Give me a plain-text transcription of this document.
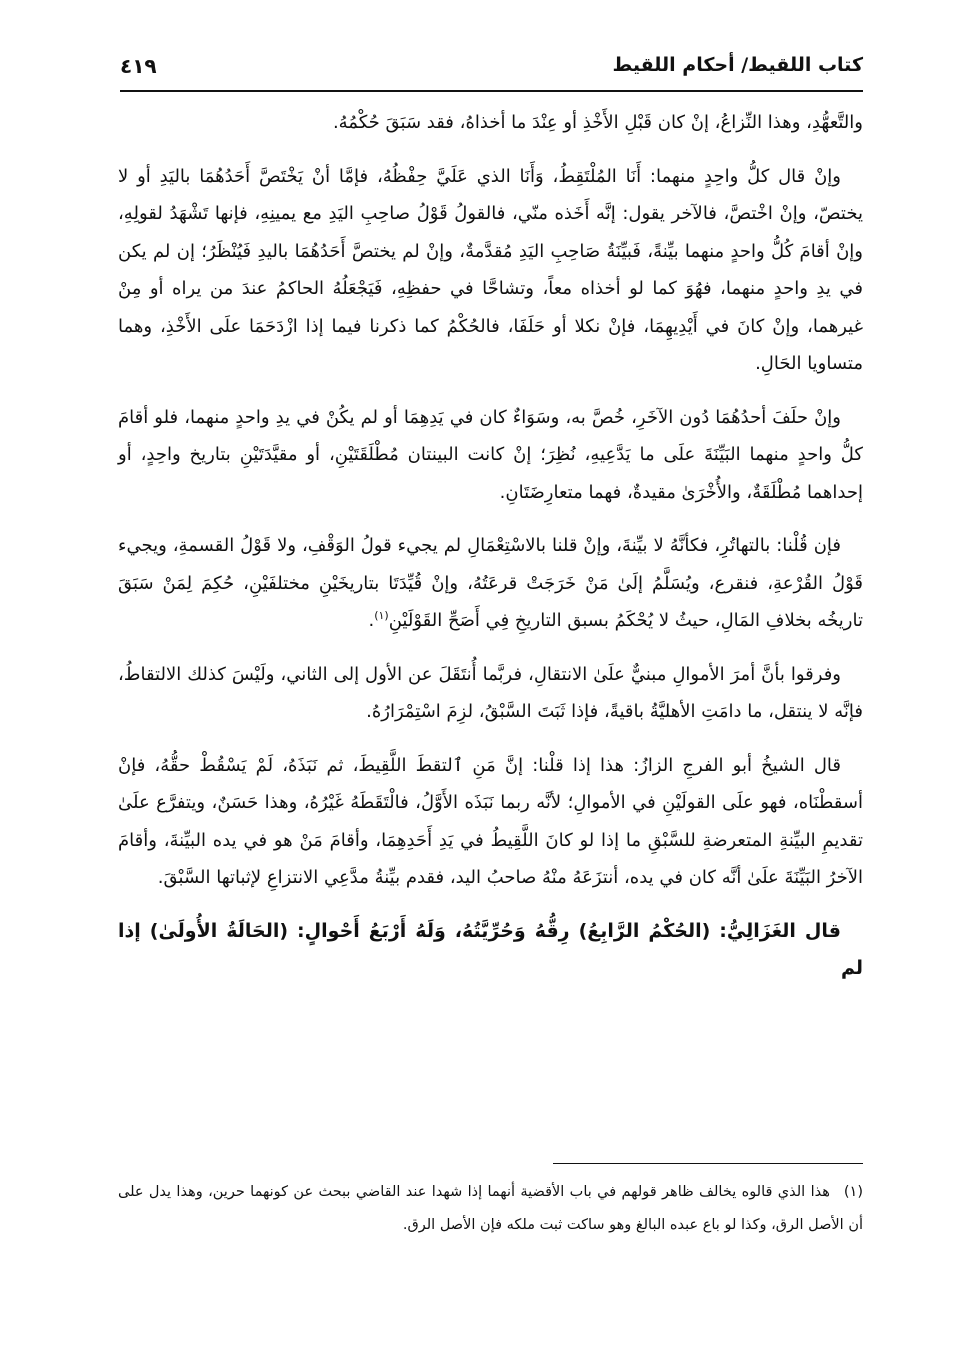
كتاب اللقيط/ أحكام اللقيط
٤١٩

والتَّعهُّدِ، وهذا النِّزاعُ، إنْ كان قَبْلِ الأَخْذِ أو عِنْدَ ما أخذاهُ، فقد سَبَقَ حُكْمُهُ.

وإنْ قال كلُّ واحِدٍ منهما: أَنَا المُلْتَقِطُ، وَأَنَا الذي عَلَيَّ حِفْظُهُ، فإمَّا أنْ يَخْتَصَّ أَحَدُهُمَا باليَدِ أو لا يختصّ، وإنْ اخْتصَّ، فالآخر يقول: إنَّه أَخَذه منّي، فالقولُ قَوْلُ صاحِبِ اليَدِ مع يمينِهِ، فإنها تَشْهَدُ لقولِهِ، وإنْ أقامَ كُلُّ واحدٍ منهما بيِّنةً، فَبيِّنَةُ صَاحِبِ اليَدِ مُقدَّمةٌ، وإنْ لم يختصَّ أَحَدُهُمَا باليدِ فَيُنْظَرُ؛ إن لم يكن في يدِ واحدٍ منهما، فهُوَ كما لو أخذاه معاً، وتشاحَّا في حفظِهِ، فَيَجْعَلُهُ الحاكمُ عندَ من يراه أو مِنْ غيرهما، وإنْ كانَ في أَيْدِيهِمَا، فإنْ نكلا أو حَلَفَا، فالحُكْمُ كما ذكرنا فيما إذا ازْدَحَمَا علَى الأَخْذِ، وهما متساويا الحَالِ.

وإنْ حلَفَ أحدُهُمَا دُون الآخَرِ، خُصَّ به، وسَوَاءٌ كان في يَدِهِمَا أو لم يكُنْ في يدِ واحدٍ منهما، فلو أقامَ كلُّ واحدٍ منهما البَيِّنَةَ علَى ما يَدَّعِيهِ، نُظِرَ؛ إنْ كانت البينتان مُطْلَقَتَيْنِ، أو مقيَّدَتَيْنِ بتاريخ واحِدٍ، أو إحداهما مُطْلَقَةٌ، والأُخْرَىٰ مقيدةٌ، فهما متعارِضَتَانِ.

فإن قُلْنا: بالتهاتُرِ، فكأنَّهُ لا بيِّنةَ، وإنْ قلنا بالاسْتِعْمَالِ لم يجيء قولُ الوَقْفِ، ولا قَوْلُ القسمةِ، ويجيء قَوْلُ القُرْعةِ، فنقرع، ويُسَلَّمُ إلَىٰ مَنْ خَرَجَتْ قرعَتُهُ، وإنْ قُيِّدَتَا بتاريخَيْنِ مختلفَيْنِ، حُكِمَ لِمَنْ سَبَقَ تاريخُه بخلافِ المَالِ، حيثُ لا يُحْكَمُ بسبق التاريخِ فِي أَصَحِّ القَوْلَيْنِ$^{(١)}$.

وفرقوا بأنَّ أمرَ الأموالِ مبنيٌّ علَىٰ الانتقالِ، فربَّما أُنتَقَلَ عن الأول إلى الثاني، ولَيْسَ كذلك الالتقاطُ، فإنَّه لا ينتقل، ما دامَتِ الأهليَّةُ باقيةً، فإذا ثَبَتَ السَّبْقُ، لزِمَ اسْتِمْرَارُهُ.

قال الشيخُ أبو الفرجِ الزازُ: هذا إذا قلْنا: إنَّ مَنِ ٱلتقطَ اللَّقِيطَ، ثم نَبَذَهُ، لَمْ يَسْقُطْ حقُّهُ، فإنْ أسقطْنَاه، فهو علَى القولَيْنِ في الأموالِ؛ لأنَّه ربما نَبَذَه الأَوَّلُ، فالْتَقَطَهُ غَيْرُهُ، وهذا حَسَنٌ، ويتفرَّع علَىٰ تقديمِ البيِّنةِ المتعرضةِ للسَّبْقِ ما إذا لو كانَ اللَّقِيطُ في يَدِ أَحَدِهِمَا، وأقامَ مَنْ هو في يده البيِّنةَ، وأقامَ الآخرُ البَيِّنَةَ علَىٰ أنَّه كان في يده، أنتزَعَهُ منْهُ صاحبُ اليد، فقدم بيِّنةُ مدَّعِي الانتزاعِ لإثباتها السَّبْقَ.

قال الغَزَالِيُّ: (الحُكْمُ الرَّابِعُ) رِقُّهُ وَحُرِّيَّتُهُ، وَلَهُ أَرْبَعُ أَحْوالٍ: (الحَالَةُ الأُولَىٰ) إذا لم

(١)هذا الذي قالوه يخالف ظاهر قولهم في باب الأقضية أنهما إذا شهدا عند القاضي ببحث عن كونهما حرين، وهذا يدل على أن الأصل الرق، وكذا لو باع عبده البالغ وهو ساكت ثبت ملكه فإن الأصل الرق.
